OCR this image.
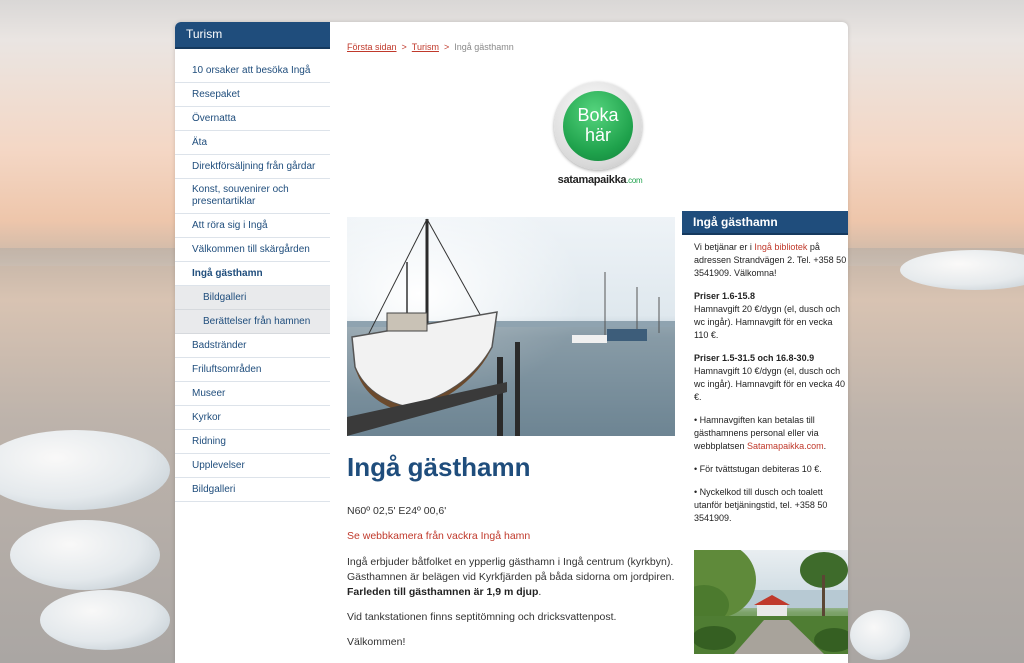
Turism
10 orsaker att besöka Ingå
Resepaket
Övernatta
Äta
Direktförsäljning från gårdar
Konst, souvenirer och presentartiklar
Att röra sig i Ingå
Välkommen till skärgården
Ingå gästhamn
Bildgalleri
Berättelser från hamnen
Badstränder
Friluftsområden
Museer
Kyrkor
Ridning
Upplevelser
Bildgalleri
Första sidan > Turism > Ingå gästhamn
Boka
här
satamapaikka.com
Ingå gästhamn

N60º 02,5' E24º 00,6'

Se webbkamera från vackra Ingå hamn

Ingå erbjuder båtfolket en ypperlig gästhamn i Ingå centrum (kyrkbyn). Gästhamnen är belägen vid Kyrkfjärden på båda sidorna om jordpiren. Farleden till gästhamnen är 1,9 m djup.

Vid tankstationen finns septitömning och dricksvattenpost.

Välkommen!

Ingå gästhamn

Vi betjänar er i Ingå bibliotek på adressen Strandvägen 2. Tel. +358 50 3541909. Välkomna!

Priser 1.6-15.8
Hamnavgift 20 €/dygn (el, dusch och wc ingår). Hamnavgift för en vecka 110 €.

Priser 1.5-31.5 och 16.8-30.9
Hamnavgift 10 €/dygn (el, dusch och wc ingår). Hamnavgift för en vecka 40 €.

• Hamnavgiften kan betalas till gästhamnens personal eller via webbplatsen Satamapaikka.com.

• För tvättstugan debiteras 10 €.

• Nyckelkod till dusch och toalett utanför betjäningstid, tel. +358 50 3541909.
